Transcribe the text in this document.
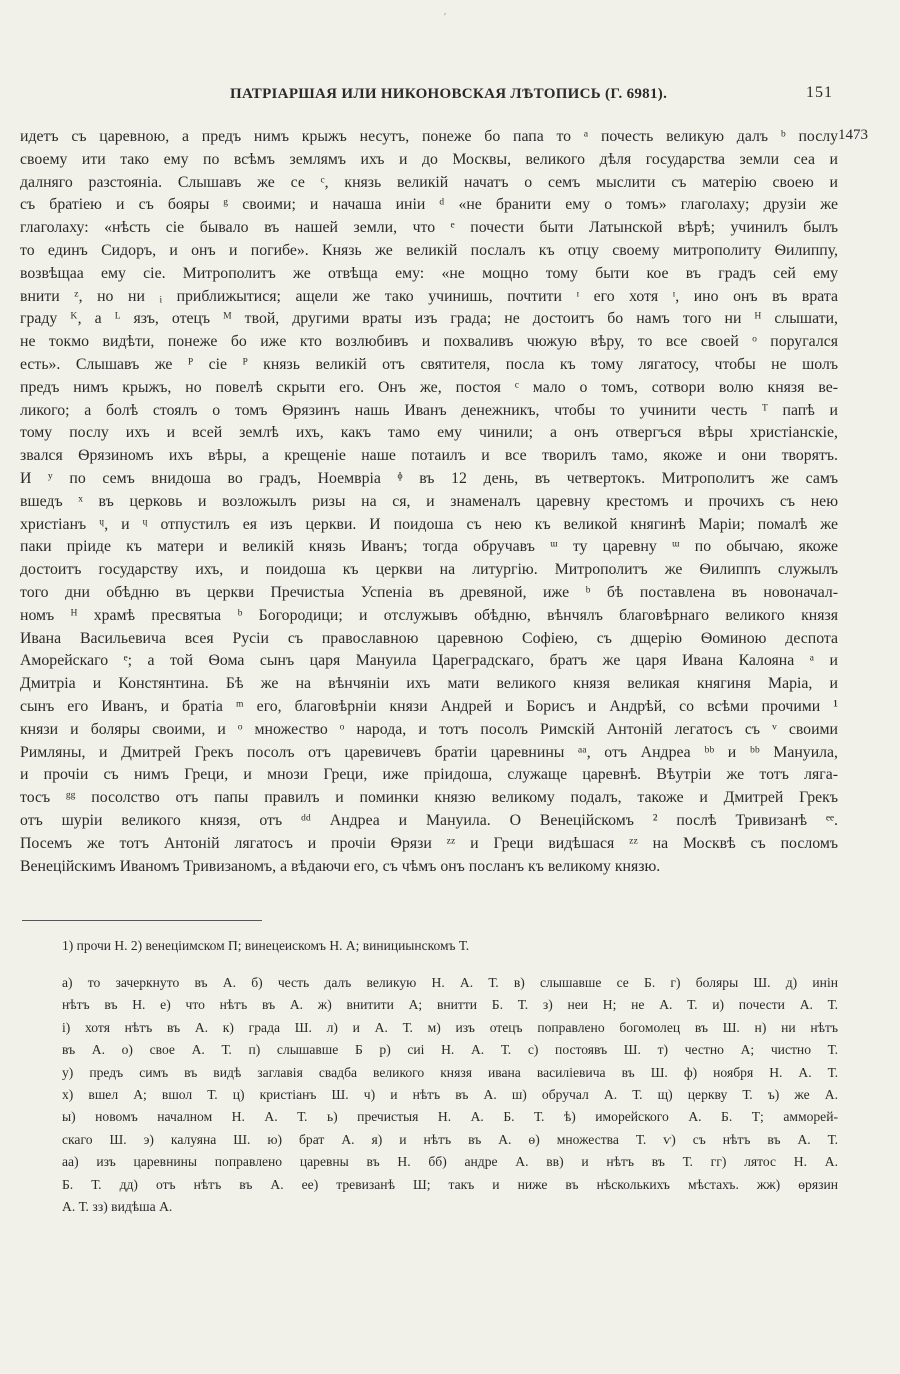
ʹ
ПАТРІАРШАЯ ИЛИ НИКОНОВСКАЯ ЛѢТОПИСЬ (Г. 6981).	151
1473
идетъ съ царевною, а предъ нимъ крыжъ несутъ, понеже бо папа то ᵃ почесть великую далъ ᵇ послу
своему ити тако ему по всѣмъ землямъ ихъ и до Москвы, великого дѣля государства земли сеа и
далняго разстояніа. Слышавъ же се ᶜ, князь великій начатъ о семъ мыслити съ матерію своею и
съ братіею и съ бояры ᵍ своими; и начаша иніи ᵈ «не бранити ему о томъ» глаголаху; друзіи же
глаголаху: «нѣсть сіе бывало въ нашей земли, что ᵉ почести быти Латынской вѣрѣ; учинилъ былъ
то единъ Сидоръ, и онъ и погибе». Князь же великій послалъ къ отцу своему митрополиту Ѳилиппу,
возвѣщаа ему сіе. Митрополитъ же отвѣща ему: «не мощно тому быти кое въ градъ сей ему
внити ᶻ, но ни ᵢ приближытися; ащели же тако учинишь, почтити ᶦ его хотя ᶦ, ино онъ въ врата
граду ᴷ, а ᴸ язъ, отецъ ᴹ твой, другими враты изъ града; не достоитъ бо намъ того ни ᴴ слышати,
не токмо видѣти, понеже бо иже кто возлюбивъ и похваливъ чюжую вѣру, то все своей ᵒ поругался
есть». Слышавъ же ᴾ сіе ᴾ князь великій отъ святителя, посла къ тому лягатосу, чтобы не шолъ
предъ нимъ крыжъ, но повелѣ скрыти его. Онъ же, постоя ᶜ мало о томъ, сотвори волю князя ве-
ликого; а болѣ стоялъ о томъ Ѳрязинъ нашь Иванъ денежникъ, чтобы то учинити честь ᵀ папѣ и
тому послу ихъ и всей землѣ ихъ, какъ тамо ему чинили; а онъ отвергъся вѣры христіанскіе,
звался Ѳрязиномъ ихъ вѣры, а крещеніе наше потаилъ и все творилъ тамо, якоже и они творятъ.
И ʸ по семъ внидоша во градъ, Ноемвріа ᶲ въ 12 день, въ четвертокъ. Митрополитъ же самъ
вшедъ ˣ въ церковь и возложылъ ризы на ся, и знаменалъ царевну крестомъ и прочихъ съ нею
христіанъ ᶣ, и ᶣ отпустилъ ея изъ церкви. И поидоша съ нею къ великой княгинѣ Маріи; помалѣ же
паки пріиде къ матери и великій князь Иванъ; тогда обручавъ ᵚ ту царевну ᵚ по обычаю, якоже
достоитъ государству ихъ, и поидоша къ церкви на литургію. Митрополитъ же Ѳилиппъ служылъ
того дни обѣдню въ церкви Пречистыа Успеніа въ древяной, иже ᵇ бѣ поставлена въ новоначал-
номъ ᴴ храмѣ пресвятыа ᵇ Богородици; и отслужывъ обѣдню, вѣнчялъ благовѣрнаго великого князя
Ивана Васильевича всея Русіи съ православною царевною Софіею, съ дщерію Ѳоминою деспота
Аморейскаго ᵉ; а той Ѳома сынъ царя Мануила Цареградскаго, братъ же царя Ивана Калояна ᵃ и
Дмитріа и Констянтина. Бѣ же на вѣнчяніи ихъ мати великого князя великая княгиня Маріа, и
сынъ его Иванъ, и братіа ᵐ его, благовѣрніи князи Андрей и Борисъ и Андрѣй, со всѣми прочими ¹
князи и боляры своими, и ᵒ множество ᵒ народа, и тотъ посолъ Римскій Антоній легатосъ съ ᵛ своими
Римляны, и Дмитрей Грекъ посолъ отъ царевичевъ братіи царевнины ᵃᵃ, отъ Андреа ᵇᵇ и ᵇᵇ Мануила,
и прочіи съ нимъ Греци, и мнози Греци, иже пріидоша, служаще царевнѣ. Вѣутріи же тотъ лягa-
тосъ ᵍᵍ посолство отъ папы правилъ и поминки князю великому подалъ, такоже и Дмитрей Грекъ
отъ шуріи великого князя, отъ ᵈᵈ Андреа и Мануила. О Венеційскомъ ² послѣ Тривизанѣ ᵉᵉ.
Посемъ же тотъ Антоній лягатосъ и прочіи Ѳрязи ᶻᶻ и Греци видѣшася ᶻᶻ на Москвѣ съ посломъ
Венеційскимъ Иваномъ Тривизаномъ, а вѣдаючи его, съ чѣмъ онъ посланъ къ великому князю.
1) прочи Н. 2) венеціимском П; винецеискомъ Н. А; винициынскомъ Т.
а) то зачеркнуто въ А. б) честь далъ великую Н. А. Т. в) слышавше се Б. г) боляры Ш. д) инін
нѣтъ въ Н. е) что нѣтъ въ А. ж) внитити А; внитти Б. Т. з) неи Н; не А. Т. и) почести А. Т.
і) хотя нѣтъ въ А. к) града Ш. л) и А. Т. м) изъ отецъ поправлено богомолец въ Ш. н) ни нѣтъ
въ А. о) свое А. Т. п) слышавше Б р) сиі Н. А. Т. с) постоявъ Ш. т) честно А; чистно Т.
у) предъ симъ въ видѣ заглавія свадба великого князя ивана василіевича въ Ш. ф) ноября Н. А. Т.
х) вшел А; вшол Т. ц) кристіанъ Ш. ч) и нѣтъ въ А. ш) обручал А. Т. щ) церкву Т. ъ) же А.
ы) новомъ началном Н. А. Т. ь) пречистыя Н. А. Б. Т. ѣ) иморейского А. Б. Т; амморей-
скаго Ш. э) калуяна Ш. ю) брат А. я) и нѣтъ въ А. ѳ) множества Т. ѵ) съ нѣтъ въ А. Т.
аа) изъ царевнины поправлено царевны въ Н. бб) андре А. вв) и нѣтъ въ Т. гг) лятос Н. А.
Б. Т. дд) отъ нѣтъ въ А. ее) тревизанѣ Ш; такъ и ниже въ нѣсколькихъ мѣстахъ. жж) ѳрязин
А. Т. зз) видѣша А.
